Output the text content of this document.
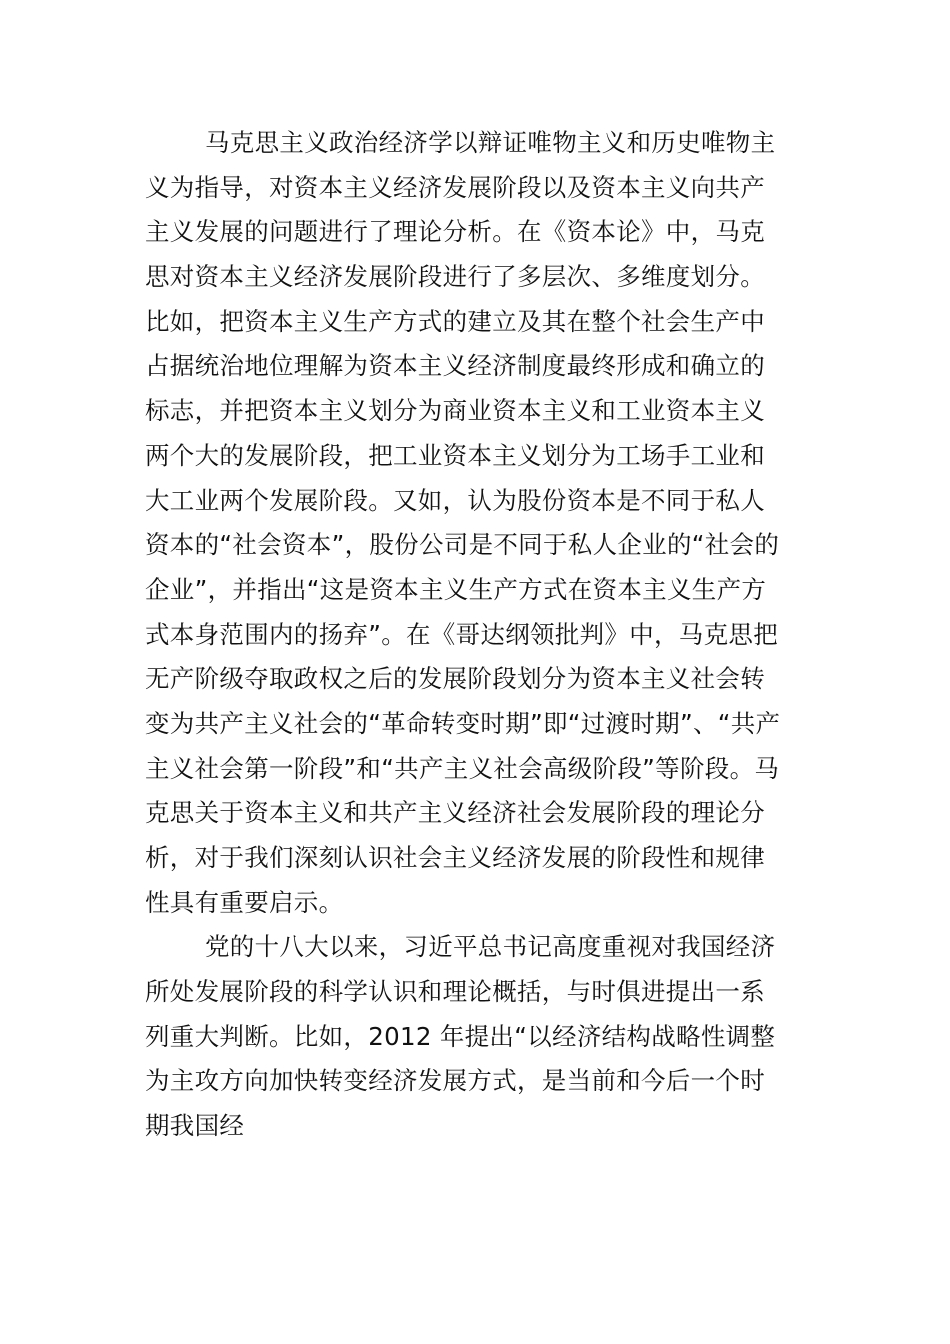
马克思主义政治经济学以辩证唯物主义和历史唯物主
义为指导，对资本主义经济发展阶段以及资本主义向共产
主义发展的问题进行了理论分析。在《资本论》中，马克
思对资本主义经济发展阶段进行了多层次、多维度划分。
比如，把资本主义生产方式的建立及其在整个社会生产中
占据统治地位理解为资本主义经济制度最终形成和确立的
标志，并把资本主义划分为商业资本主义和工业资本主义
两个大的发展阶段，把工业资本主义划分为工场手工业和
大工业两个发展阶段。又如，认为股份资本是不同于私人
资本的“社会资本”，股份公司是不同于私人企业的“社会的
企业”，并指出“这是资本主义生产方式在资本主义生产方
式本身范围内的扬弃”。在《哥达纲领批判》中，马克思把
无产阶级夺取政权之后的发展阶段划分为资本主义社会转
变为共产主义社会的“革命转变时期”即“过渡时期”、“共产
主义社会第一阶段”和“共产主义社会高级阶段”等阶段。马
克思关于资本主义和共产主义经济社会发展阶段的理论分
析，对于我们深刻认识社会主义经济发展的阶段性和规律
性具有重要启示。
党的十八大以来，习近平总书记高度重视对我国经济
所处发展阶段的科学认识和理论概括，与时俱进提出一系
列重大判断。比如，2012 年提出“以经济结构战略性调整
为主攻方向加快转变经济发展方式，是当前和今后一个时
期我国经
